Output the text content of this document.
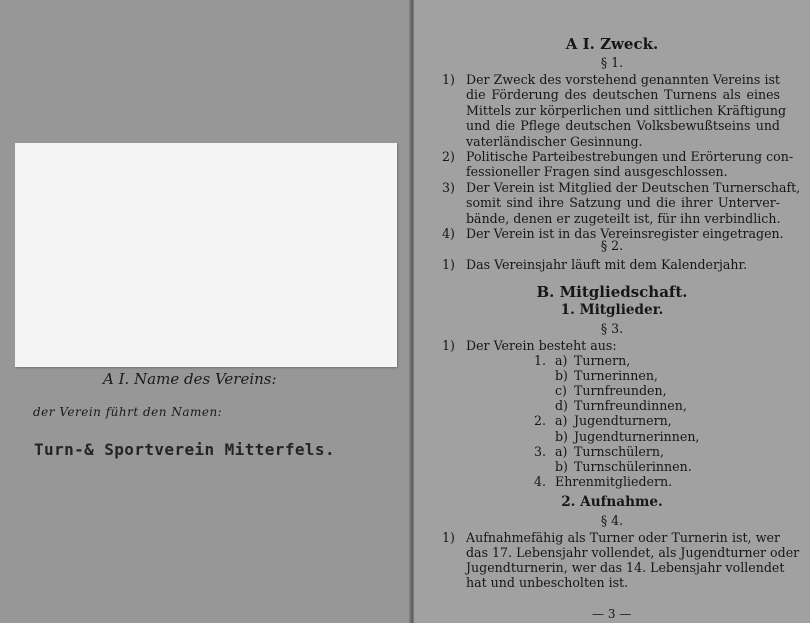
A I. Name des Vereins:
der Verein führt den Namen:
Turn-& Sportverein Mitterfels.
A I. Zweck.
§ 1.
1) Der Zweck des vorstehend genannten Vereins ist
die Förderung des deutschen Turnens als eines
Mittels zur körperlichen und sittlichen Kräftigung
und die Pflege deutschen Volksbewußtseins und
vaterländischer Gesinnung.
2) Politische Parteibestrebungen und Erörterung con-
fessioneller Fragen sind ausgeschlossen.
3) Der Verein ist Mitglied der Deutschen Turnerschaft,
somit sind ihre Satzung und die ihrer Unterver-
bände, denen er zugeteilt ist, für ihn verbindlich.
4) Der Verein ist in das Vereinsregister eingetragen.
§ 2.
1) Das Vereinsjahr läuft mit dem Kalenderjahr.
B. Mitgliedschaft.
1. Mitglieder.
§ 3.
1) Der Verein besteht aus:
1. a) Turnern,
b) Turnerinnen,
c) Turnfreunden,
d) Turnfreundinnen,
2. a) Jugendturnern,
b) Jugendturnerinnen,
3. a) Turnschülern,
b) Turnschülerinnen.
4. Ehrenmitgliedern.
2. Aufnahme.
§ 4.
1) Aufnahmefähig als Turner oder Turnerin ist, wer
das 17. Lebensjahr vollendet, als Jugendturner oder
Jugendturnerin, wer das 14. Lebensjahr vollendet
hat und unbescholten ist.
— 3 —
